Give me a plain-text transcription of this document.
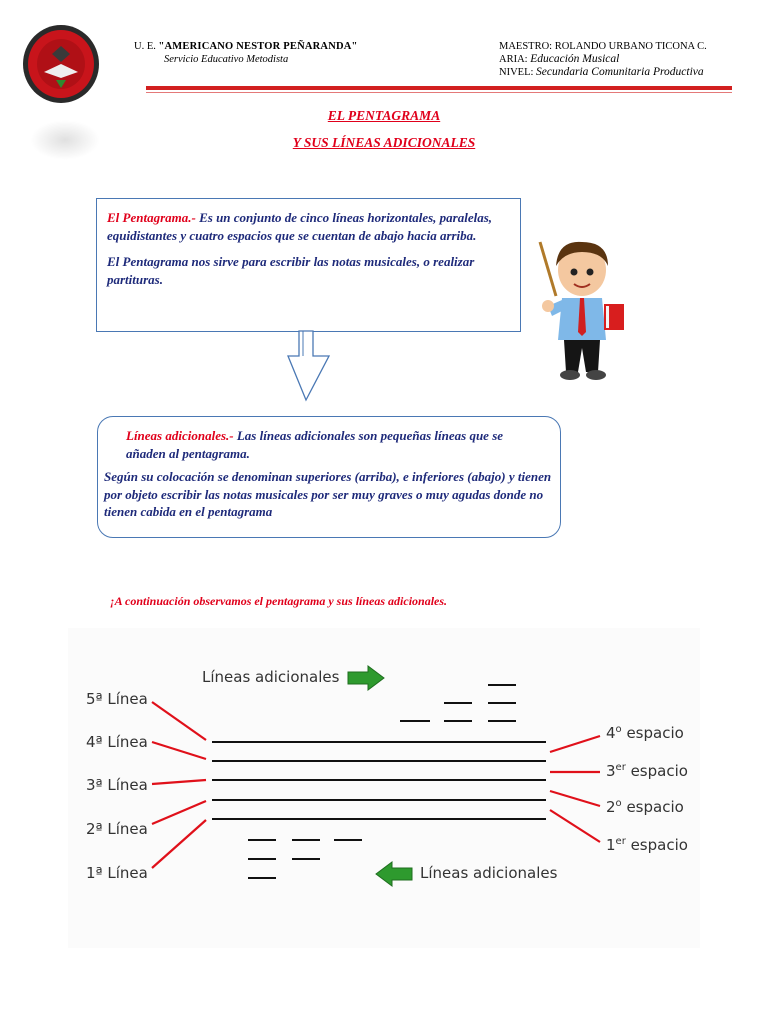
U. E. "AMERICANO NESTOR PEÑARANDA"
Servicio Educativo Metodista
MAESTRO: ROLANDO URBANO TICONA C.
ARIA: Educación Musical
NIVEL: Secundaria Comunitaria Productiva
EL PENTAGRAMA
Y SUS LÍNEAS ADICIONALES

El Pentagrama.- Es un conjunto de cinco líneas horizontales, paralelas, equidistantes y cuatro espacios que se cuentan de abajo hacia arriba.

El Pentagrama nos sirve para escribir las notas musicales, o realizar partituras.

Líneas adicionales.- Las líneas adicionales son pequeñas líneas que se añaden al pentagrama.

Según su colocación se denominan superiores (arriba), e inferiores (abajo) y tienen por objeto escribir las notas musicales por ser muy graves o muy agudas donde no tienen cabida en el pentagrama

¡A continuación observamos el pentagrama y sus líneas adicionales.
Líneas adicionales
Líneas adicionales
5ª Línea
4ª Línea
3ª Línea
2ª Línea
1ª Línea
4$^o$ espacio
3er espacio
2$^o$ espacio
1er espacio
